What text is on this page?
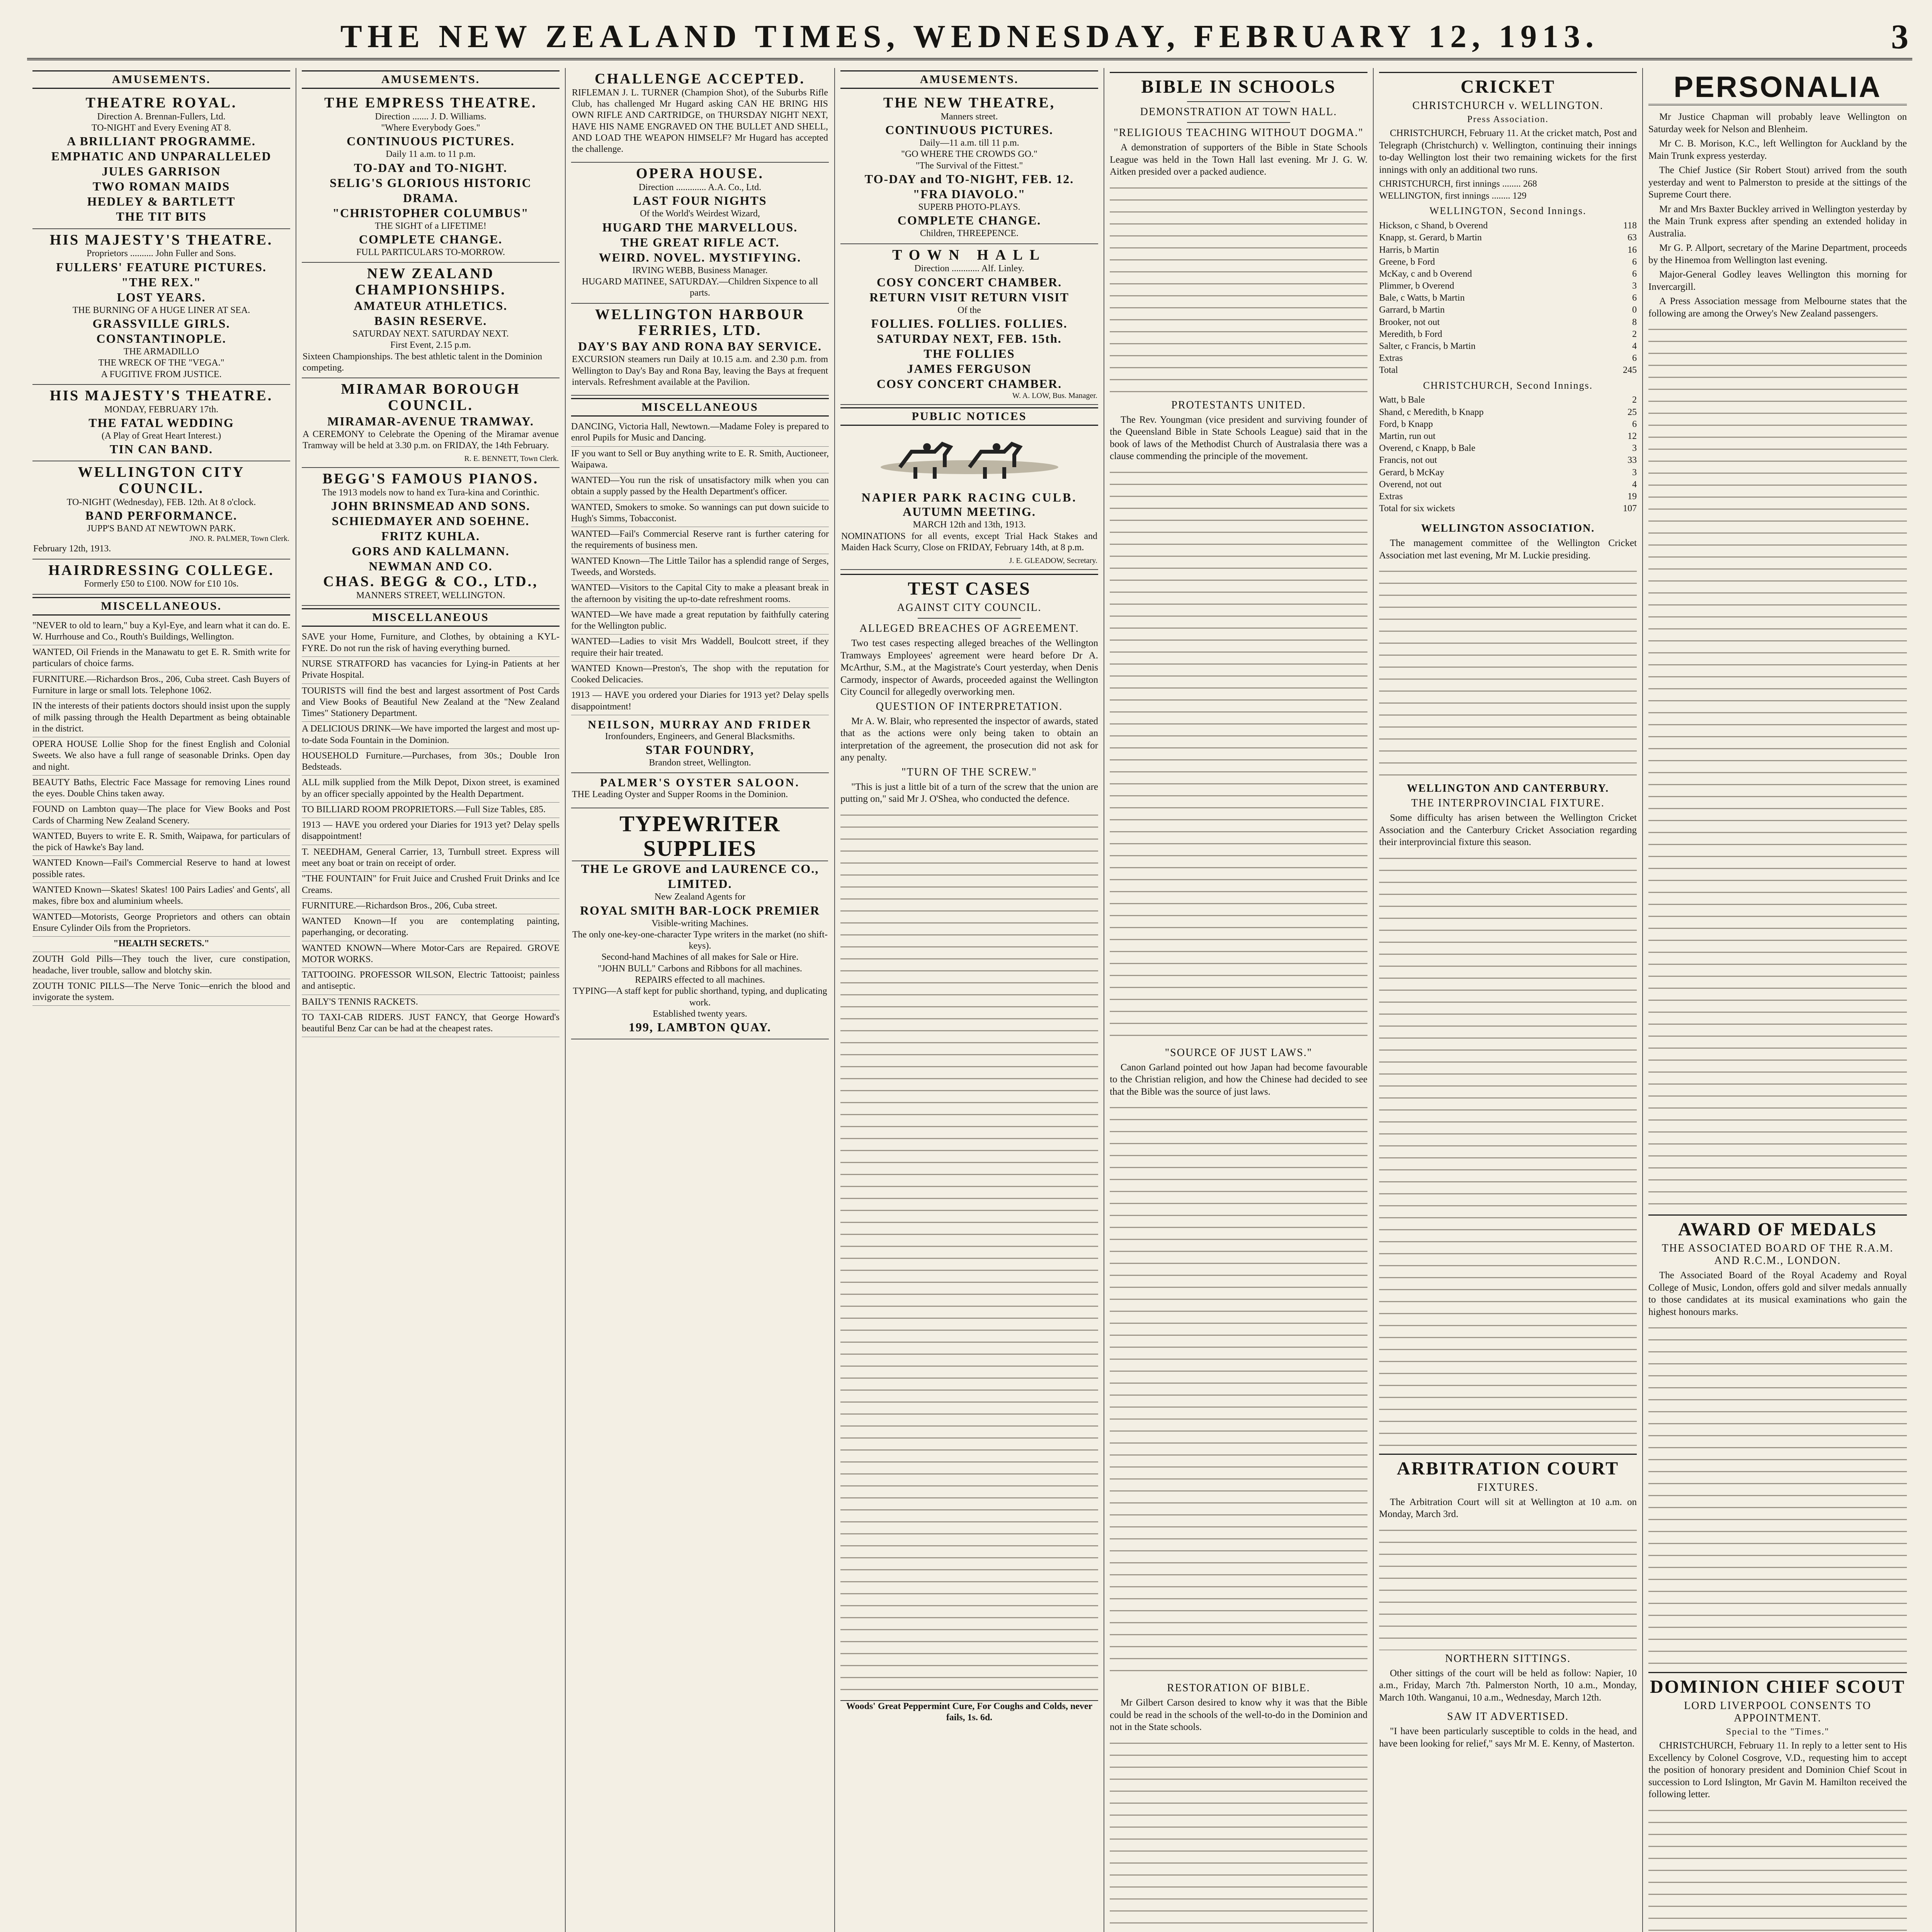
THE NEW ZEALAND TIMES, WEDNESDAY, FEBRUARY 12, 1913.	3
AMUSEMENTS.
THEATRE ROYAL.
Direction A. Brennan-Fullers, Ltd.
TO-NIGHT and Every Evening AT 8.
A BRILLIANT PROGRAMME.
EMPHATIC AND UNPARALLELED
JULES GARRISON
TWO ROMAN MAIDS
HEDLEY & BARTLETT
THE TIT BITS
HIS MAJESTY'S THEATRE.
Proprietors .......... John Fuller and Sons.
FULLERS' FEATURE PICTURES.
"THE REX."
LOST YEARS.
THE BURNING OF A HUGE LINER AT SEA.
GRASSVILLE GIRLS.
CONSTANTINOPLE.
THE ARMADILLO
THE WRECK OF THE "VEGA."
A FUGITIVE FROM JUSTICE.
HIS MAJESTY'S THEATRE.
MONDAY, FEBRUARY 17th.
THE FATAL WEDDING
(A Play of Great Heart Interest.)
TIN CAN BAND.
WELLINGTON CITY COUNCIL.
TO-NIGHT (Wednesday), FEB. 12th. At 8 o'clock.
BAND PERFORMANCE.
JUPP'S BAND AT NEWTOWN PARK.
JNO. R. PALMER, Town Clerk.
February 12th, 1913.
HAIRDRESSING COLLEGE.
Formerly £50 to £100. NOW for £10 10s.
MISCELLANEOUS.

"NEVER to old to learn," buy a Kyl-Eye, and learn what it can do. E. W. Hurrhouse and Co., Routh's Buildings, Wellington.

WANTED, Oil Friends in the Manawatu to get E. R. Smith write for particulars of choice farms.

FURNITURE.—Richardson Bros., 206, Cuba street. Cash Buyers of Furniture in large or small lots. Telephone 1062.

IN the interests of their patients doctors should insist upon the supply of milk passing through the Health Department as being obtainable in the district.

OPERA HOUSE Lollie Shop for the finest English and Colonial Sweets. We also have a full range of seasonable Drinks. Open day and night.

BEAUTY Baths, Electric Face Massage for removing Lines round the eyes. Double Chins taken away.

FOUND on Lambton quay—The place for View Books and Post Cards of Charming New Zealand Scenery.

WANTED, Buyers to write E. R. Smith, Waipawa, for particulars of the pick of Hawke's Bay land.

WANTED Known—Fail's Commercial Reserve to hand at lowest possible rates.

WANTED Known—Skates! Skates! 100 Pairs Ladies' and Gents', all makes, fibre box and aluminium wheels.

WANTED—Motorists, George Proprietors and others can obtain Ensure Cylinder Oils from the Proprietors.

"HEALTH SECRETS."

ZOUTH Gold Pills—They touch the liver, cure constipation, headache, liver trouble, sallow and blotchy skin.

ZOUTH TONIC PILLS—The Nerve Tonic—enrich the blood and invigorate the system.

AMUSEMENTS.
THE EMPRESS THEATRE.
Direction ....... J. D. Williams.
"Where Everybody Goes."
CONTINUOUS PICTURES.
Daily 11 a.m. to 11 p.m.
TO-DAY and TO-NIGHT.
SELIG'S GLORIOUS HISTORIC DRAMA.
"CHRISTOPHER COLUMBUS"
THE SIGHT of a LIFETIME!
COMPLETE CHANGE.
FULL PARTICULARS TO-MORROW.
NEW ZEALAND CHAMPIONSHIPS.
AMATEUR ATHLETICS.
BASIN RESERVE.
SATURDAY NEXT. SATURDAY NEXT.
First Event, 2.15 p.m.
Sixteen Championships. The best athletic talent in the Dominion competing.
MIRAMAR BOROUGH COUNCIL.
MIRAMAR-AVENUE TRAMWAY.

A CEREMONY to Celebrate the Opening of the Miramar avenue Tramway will be held at 3.30 p.m. on FRIDAY, the 14th February.

R. E. BENNETT, Town Clerk.
BEGG'S FAMOUS PIANOS.
The 1913 models now to hand ex Tura-kina and Corinthic.
JOHN BRINSMEAD AND SONS.
SCHIEDMAYER AND SOEHNE.
FRITZ KUHLA.
GORS AND KALLMANN.
NEWMAN AND CO.
CHAS. BEGG & CO., LTD.,
MANNERS STREET, WELLINGTON.
MISCELLANEOUS

SAVE your Home, Furniture, and Clothes, by obtaining a KYL-FYRE. Do not run the risk of having everything burned.

NURSE STRATFORD has vacancies for Lying-in Patients at her Private Hospital.

TOURISTS will find the best and largest assortment of Post Cards and View Books of Beautiful New Zealand at the "New Zealand Times" Stationery Department.

A DELICIOUS DRINK—We have imported the largest and most up-to-date Soda Fountain in the Dominion.

HOUSEHOLD Furniture.—Purchases, from 30s.; Double Iron Bedsteads.

ALL milk supplied from the Milk Depot, Dixon street, is examined by an officer specially appointed by the Health Department.

TO BILLIARD ROOM PROPRIETORS.—Full Size Tables, £85.

1913 — HAVE you ordered your Diaries for 1913 yet? Delay spells disappointment!

T. NEEDHAM, General Carrier, 13, Turnbull street. Express will meet any boat or train on receipt of order.

"THE FOUNTAIN" for Fruit Juice and Crushed Fruit Drinks and Ice Creams.

FURNITURE.—Richardson Bros., 206, Cuba street.

WANTED Known—If you are contemplating painting, paperhanging, or decorating.

WANTED KNOWN—Where Motor-Cars are Repaired. GROVE MOTOR WORKS.

TATTOOING. PROFESSOR WILSON, Electric Tattooist; painless and antiseptic.

BAILY'S TENNIS RACKETS.

TO TAXI-CAB RIDERS. JUST FANCY, that George Howard's beautiful Benz Car can be had at the cheapest rates.

CHALLENGE ACCEPTED.

RIFLEMAN J. L. TURNER (Champion Shot), of the Suburbs Rifle Club, has challenged Mr Hugard asking CAN HE BRING HIS OWN RIFLE AND CARTRIDGE, on THURSDAY NIGHT NEXT, HAVE HIS NAME ENGRAVED ON THE BULLET AND SHELL, AND LOAD THE WEAPON HIMSELF? Mr Hugard has accepted the challenge.

OPERA HOUSE.
Direction ............. A.A. Co., Ltd.
LAST FOUR NIGHTS
Of the World's Weirdest Wizard,
HUGARD THE MARVELLOUS.
THE GREAT RIFLE ACT.
WEIRD. NOVEL. MYSTIFYING.
IRVING WEBB, Business Manager.
HUGARD MATINEE, SATURDAY.—Children Sixpence to all parts.
WELLINGTON HARBOUR FERRIES, LTD.
DAY'S BAY AND RONA BAY SERVICE.

EXCURSION steamers run Daily at 10.15 a.m. and 2.30 p.m. from Wellington to Day's Bay and Rona Bay, leaving the Bays at frequent intervals. Refreshment available at the Pavilion.

MISCELLANEOUS

DANCING, Victoria Hall, Newtown.—Madame Foley is prepared to enrol Pupils for Music and Dancing.

IF you want to Sell or Buy anything write to E. R. Smith, Auctioneer, Waipawa.

WANTED—You run the risk of unsatisfactory milk when you can obtain a supply passed by the Health Department's officer.

WANTED, Smokers to smoke. So wannings can put down suicide to Hugh's Simms, Tobacconist.

WANTED—Fail's Commercial Reserve rant is further catering for the requirements of business men.

WANTED Known—The Little Tailor has a splendid range of Serges, Tweeds, and Worsteds.

WANTED—Visitors to the Capital City to make a pleasant break in the afternoon by visiting the up-to-date refreshment rooms.

WANTED—We have made a great reputation by faithfully catering for the Wellington public.

WANTED—Ladies to visit Mrs Waddell, Boulcott street, if they require their hair treated.

WANTED Known—Preston's, The shop with the reputation for Cooked Delicacies.

1913 — HAVE you ordered your Diaries for 1913 yet? Delay spells disappointment!

NEILSON, MURRAY AND FRIDER
Ironfounders, Engineers, and General Blacksmiths.
STAR FOUNDRY,
Brandon street, Wellington.
PALMER'S OYSTER SALOON.

THE Leading Oyster and Supper Rooms in the Dominion.

TYPEWRITER SUPPLIES
THE Le GROVE and LAURENCE CO., LIMITED.
New Zealand Agents for
ROYAL SMITH BAR-LOCK PREMIER
Visible-writing Machines.
The only one-key-one-character Type writers in the market (no shift-keys).
Second-hand Machines of all makes for Sale or Hire.
"JOHN BULL" Carbons and Ribbons for all machines.
REPAIRS effected to all machines.
TYPING—A staff kept for public shorthand, typing, and duplicating work.
Established twenty years.
199, LAMBTON QUAY.
AMUSEMENTS.
THE NEW THEATRE,
Manners street.
CONTINUOUS PICTURES.
Daily—11 a.m. till 11 p.m.
"GO WHERE THE CROWDS GO."
"The Survival of the Fittest."
TO-DAY and TO-NIGHT, FEB. 12.
"FRA DIAVOLO."
SUPERB PHOTO-PLAYS.
COMPLETE CHANGE.
Children, THREEPENCE.
TOWN HALL
Direction ............ Alf. Linley.
COSY CONCERT CHAMBER.
RETURN VISIT RETURN VISIT
Of the
FOLLIES. FOLLIES. FOLLIES.
SATURDAY NEXT, FEB. 15th.
THE FOLLIES
JAMES FERGUSON
COSY CONCERT CHAMBER.
W. A. LOW, Bus. Manager.
PUBLIC NOTICES
NAPIER PARK RACING CULB.
AUTUMN MEETING.
MARCH 12th and 13th, 1913.

NOMINATIONS for all events, except Trial Hack Stakes and Maiden Hack Scurry, Close on FRIDAY, February 14th, at 8 p.m.

J. E. GLEADOW, Secretary.
TEST CASES
AGAINST CITY COUNCIL.
ALLEGED BREACHES OF AGREEMENT.

Two test cases respecting alleged breaches of the Wellington Tramways Employees' agreement were heard before Dr A. McArthur, S.M., at the Magistrate's Court yesterday, when Denis Carmody, inspector of Awards, proceeded against the Wellington City Council for allegedly overworking men.

QUESTION OF INTERPRETATION.

Mr A. W. Blair, who represented the inspector of awards, stated that as the actions were only being taken to obtain an interpretation of the agreement, the prosecution did not ask for any penalty.

"TURN OF THE SCREW."

"This is just a little bit of a turn of the screw that the union are putting on," said Mr J. O'Shea, who conducted the defence.

Woods' Great Peppermint Cure, For Coughs and Colds, never fails, 1s. 6d.
BIBLE IN SCHOOLS
DEMONSTRATION AT TOWN HALL.
"RELIGIOUS TEACHING WITHOUT DOGMA."

A demonstration of supporters of the Bible in State Schools League was held in the Town Hall last evening. Mr J. G. W. Aitken presided over a packed audience.

PROTESTANTS UNITED.

The Rev. Youngman (vice president and surviving founder of the Queensland Bible in State Schools League) said that in the book of laws of the Methodist Church of Australasia there was a clause commending the principle of the movement.

"SOURCE OF JUST LAWS."

Canon Garland pointed out how Japan had become favourable to the Christian religion, and how the Chinese had decided to see that the Bible was the source of just laws.

RESTORATION OF BIBLE.

Mr Gilbert Carson desired to know why it was that the Bible could be read in the schools of the well-to-do in the Dominion and not in the State schools.

CRICKET
CHRISTCHURCH v. WELLINGTON.
Press Association.

CHRISTCHURCH, February 11. At the cricket match, Post and Telegraph (Christchurch) v. Wellington, continuing their innings to-day Wellington lost their two remaining wickets for the first innings with only an additional two runs.

CHRISTCHURCH, first innings ........ 268
WELLINGTON, first innings ........ 129
WELLINGTON, Second Innings.
Hickson, c Shand, b Overend	118
Knapp, st. Gerard, b Martin	63
Harris, b Martin	16
Greene, b Ford	6
McKay, c and b Overend	6
Plimmer, b Overend	3
Bale, c Watts, b Martin	6
Garrard, b Martin	0
Brooker, not out	8
Meredith, b Ford	2
Salter, c Francis, b Martin	4
Extras	6
Total	245
CHRISTCHURCH, Second Innings.
Watt, b Bale	2
Shand, c Meredith, b Knapp	25
Ford, b Knapp	6
Martin, run out	12
Overend, c Knapp, b Bale	3
Francis, not out	33
Gerard, b McKay	3
Overend, not out	4
Extras	19
Total for six wickets	107
WELLINGTON ASSOCIATION.

The management committee of the Wellington Cricket Association met last evening, Mr M. Luckie presiding.

WELLINGTON AND CANTERBURY.
THE INTERPROVINCIAL FIXTURE.

Some difficulty has arisen between the Wellington Cricket Association and the Canterbury Cricket Association regarding their interprovincial fixture this season.

ARBITRATION COURT
FIXTURES.

The Arbitration Court will sit at Wellington at 10 a.m. on Monday, March 3rd.

NORTHERN SITTINGS.

Other sittings of the court will be held as follow: Napier, 10 a.m., Friday, March 7th. Palmerston North, 10 a.m., Monday, March 10th. Wanganui, 10 a.m., Wednesday, March 12th.

SAW IT ADVERTISED.

"I have been particularly susceptible to colds in the head, and have been looking for relief," says Mr M. E. Kenny, of Masterton.

PERSONALIA

Mr Justice Chapman will probably leave Wellington on Saturday week for Nelson and Blenheim.

Mr C. B. Morison, K.C., left Wellington for Auckland by the Main Trunk express yesterday.

The Chief Justice (Sir Robert Stout) arrived from the south yesterday and went to Palmerston to preside at the sittings of the Supreme Court there.

Mr and Mrs Baxter Buckley arrived in Wellington yesterday by the Main Trunk express after spending an extended holiday in Australia.

Mr G. P. Allport, secretary of the Marine Department, proceeds by the Hinemoa from Wellington last evening.

Major-General Godley leaves Wellington this morning for Invercargill.

A Press Association message from Melbourne states that the following are among the Orwey's New Zealand passengers.

AWARD OF MEDALS
THE ASSOCIATED BOARD OF THE R.A.M. AND R.C.M., LONDON.

The Associated Board of the Royal Academy and Royal College of Music, London, offers gold and silver medals annually to those candidates at its musical examinations who gain the highest honours marks.

DOMINION CHIEF SCOUT
LORD LIVERPOOL CONSENTS TO APPOINTMENT.
Special to the "Times."

CHRISTCHURCH, February 11. In reply to a letter sent to His Excellency by Colonel Cosgrove, V.D., requesting him to accept the position of honorary president and Dominion Chief Scout in succession to Lord Islington, Mr Gavin M. Hamilton received the following letter.
